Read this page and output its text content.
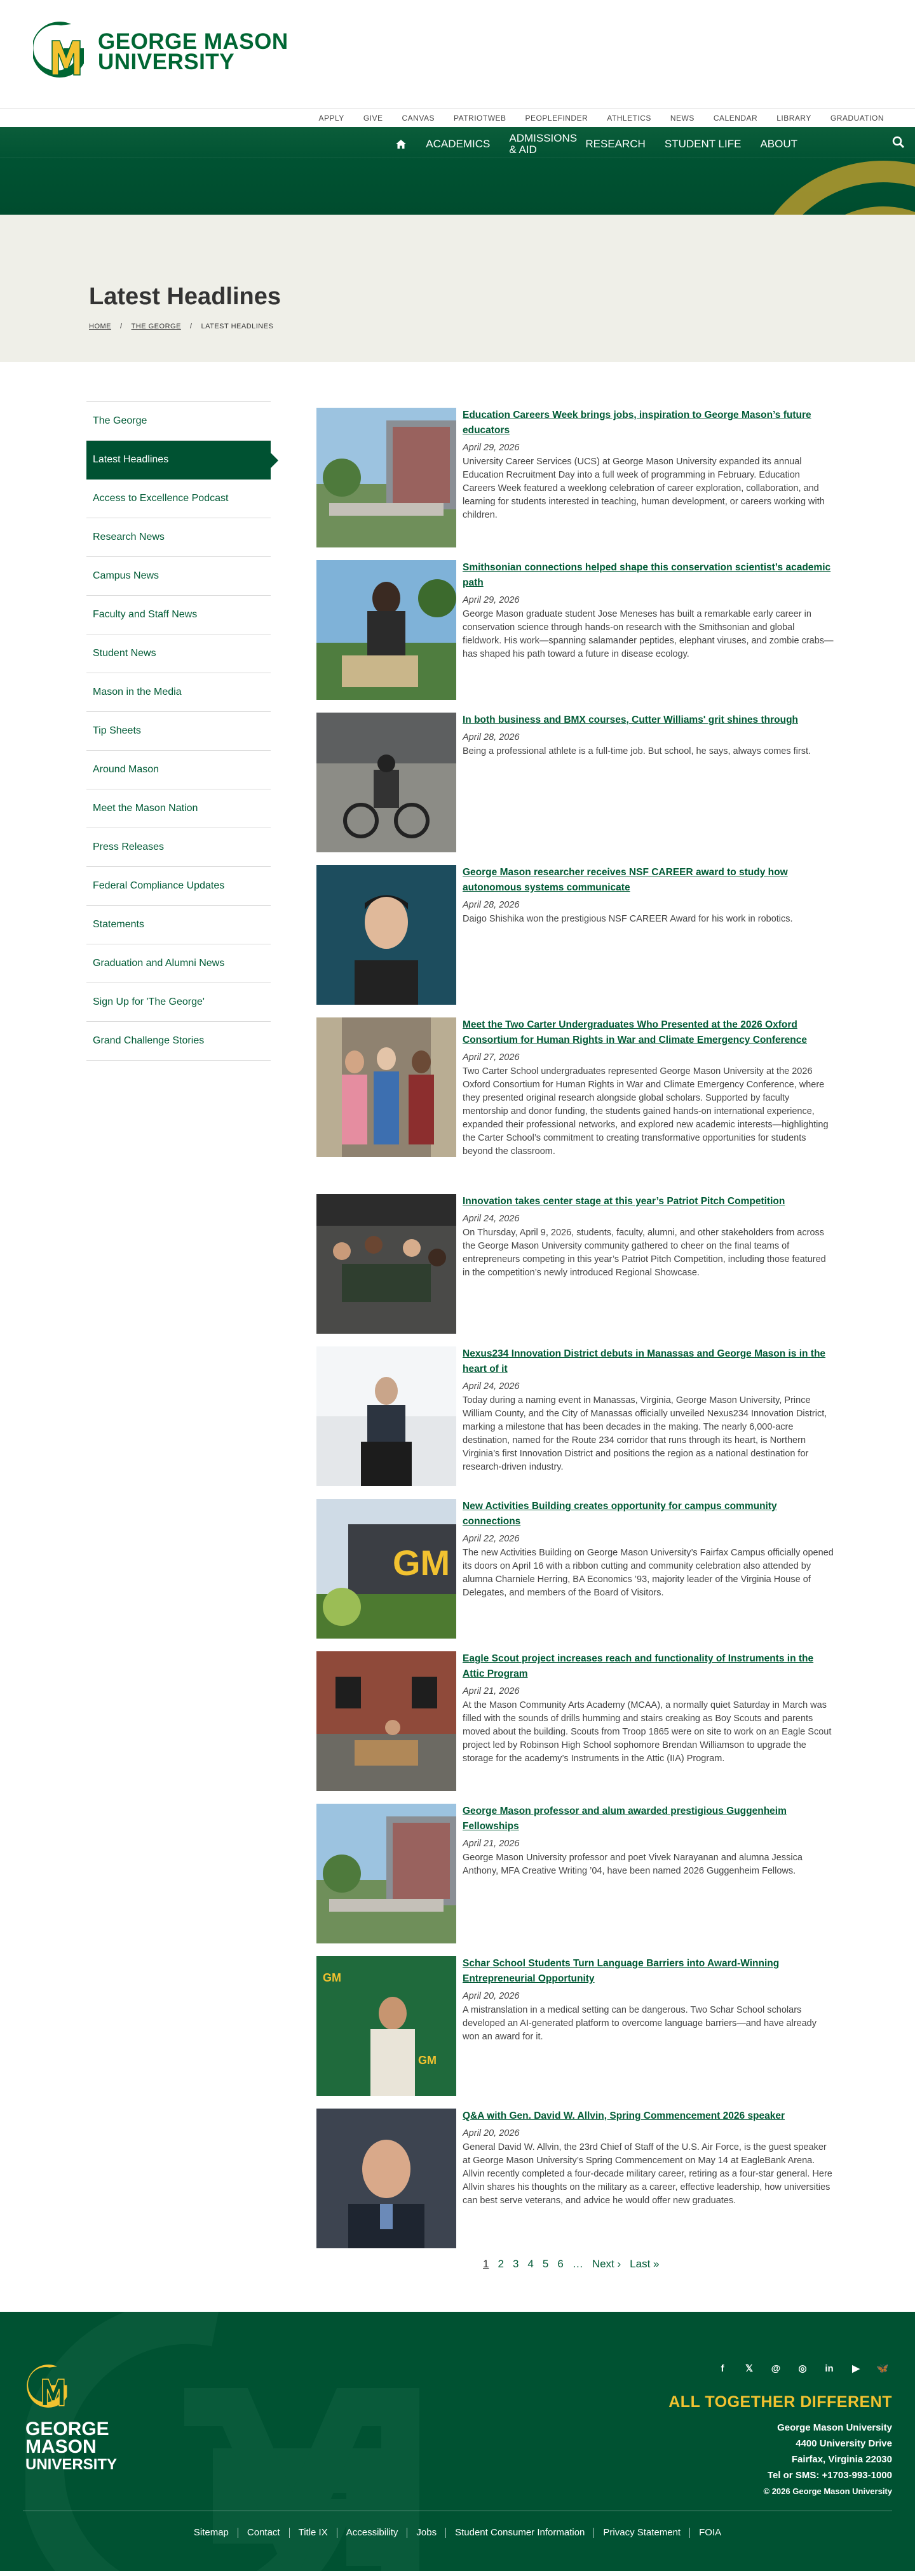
GEORGE MASON
UNIVERSITY
APPLY	GIVE	CANVAS	PATRIOTWEB	PEOPLEFINDER	ATHLETICS	NEWS	CALENDAR	LIBRARY	GRADUATION
ACADEMICS	ADMISSIONS & AID	RESEARCH	STUDENT LIFE	ABOUT
Latest Headlines
HOME / THE GEORGE / LATEST HEADLINES
The George
Latest Headlines
Access to Excellence Podcast
Research News
Campus News
Faculty and Staff News
Student News
Mason in the Media
Tip Sheets
Around Mason
Meet the Mason Nation
Press Releases
Federal Compliance Updates
Statements
Graduation and Alumni News
Sign Up for 'The George'
Grand Challenge Stories
Education Careers Week brings jobs, inspiration to George Mason’s future educators
April 29, 2026

University Career Services (UCS) at George Mason University expanded its annual Education Recruitment Day into a full week of programming in February. Education Careers Week featured a weeklong celebration of career exploration, collaboration, and learning for students interested in teaching, human development, or careers working with children.

Smithsonian connections helped shape this conservation scientist’s academic path
April 29, 2026

George Mason graduate student Jose Meneses has built a remarkable early career in conservation science through hands-on research with the Smithsonian and global fieldwork. His work—spanning salamander peptides, elephant viruses, and zombie crabs—has shaped his path toward a future in disease ecology.

In both business and BMX courses, Cutter Williams' grit shines through
April 28, 2026

Being a professional athlete is a full-time job. But school, he says, always comes first.

George Mason researcher receives NSF CAREER award to study how autonomous systems communicate
April 28, 2026

Daigo Shishika won the prestigious NSF CAREER Award for his work in robotics.

Meet the Two Carter Undergraduates Who Presented at the 2026 Oxford Consortium for Human Rights in War and Climate Emergency Conference
April 27, 2026

Two Carter School undergraduates represented George Mason University at the 2026 Oxford Consortium for Human Rights in War and Climate Emergency Conference, where they presented original research alongside global scholars. Supported by faculty mentorship and donor funding, the students gained hands-on international experience, expanded their professional networks, and explored new academic interests—highlighting the Carter School’s commitment to creating transformative opportunities for students beyond the classroom.

Innovation takes center stage at this year’s Patriot Pitch Competition
April 24, 2026

On Thursday, April 9, 2026, students, faculty, alumni, and other stakeholders from across the George Mason University community gathered to cheer on the final teams of entrepreneurs competing in this year’s Patriot Pitch Competition, including those featured in the competition’s newly introduced Regional Showcase.

Nexus234 Innovation District debuts in Manassas and George Mason is in the heart of it
April 24, 2026

Today during a naming event in Manassas, Virginia, George Mason University, Prince William County, and the City of Manassas officially unveiled Nexus234 Innovation District, marking a milestone that has been decades in the making. The nearly 6,000-acre destination, named for the Route 234 corridor that runs through its heart, is Northern Virginia’s first Innovation District and positions the region as a national destination for research-driven industry.

GM
New Activities Building creates opportunity for campus community connections
April 22, 2026

The new Activities Building on George Mason University’s Fairfax Campus officially opened its doors on April 16 with a ribbon cutting and community celebration also attended by alumna Charniele Herring, BA Economics ’93, majority leader of the Virginia House of Delegates, and members of the Board of Visitors.

Eagle Scout project increases reach and functionality of Instruments in the Attic Program
April 21, 2026

At the Mason Community Arts Academy (MCAA), a normally quiet Saturday in March was filled with the sounds of drills humming and stairs creaking as Boy Scouts and parents moved about the building. Scouts from Troop 1865 were on site to work on an Eagle Scout project led by Robinson High School sophomore Brendan Williamson to upgrade the storage for the academy’s Instruments in the Attic (IIA) Program.

George Mason professor and alum awarded prestigious Guggenheim Fellowships
April 21, 2026

George Mason University professor and poet Vivek Narayanan and alumna Jessica Anthony, MFA Creative Writing ’04, have been named 2026 Guggenheim Fellows.

GM
GM
Schar School Students Turn Language Barriers into Award-Winning Entrepreneurial Opportunity
April 20, 2026

A mistranslation in a medical setting can be dangerous. Two Schar School scholars developed an AI-generated platform to overcome language barriers—and have already won an award for it.

Q&A with Gen. David W. Allvin, Spring Commencement 2026 speaker
April 20, 2026

General David W. Allvin, the 23rd Chief of Staff of the U.S. Air Force, is the guest speaker at George Mason University’s Spring Commencement on May 14 at EagleBank Arena. Allvin recently completed a four-decade military career, retiring as a four-star general. Here Allvin shares his thoughts on the military as a career, effective leadership, how universities can best serve veterans, and advice he would offer new graduates.

1 2 3 4 5 6 … Next › Last »
GEORGE
MASON
UNIVERSITY
f	𝕏	@ ◎ in	▶	🦋
ALL TOGETHER DIFFERENT
George Mason University
4400 University Drive
Fairfax, Virginia 22030
Tel or SMS: +1703-993-1000
© 2026 George Mason University
Sitemap	Contact	Title IX	Accessibility	Jobs	Student Consumer Information	Privacy Statement	FOIA
